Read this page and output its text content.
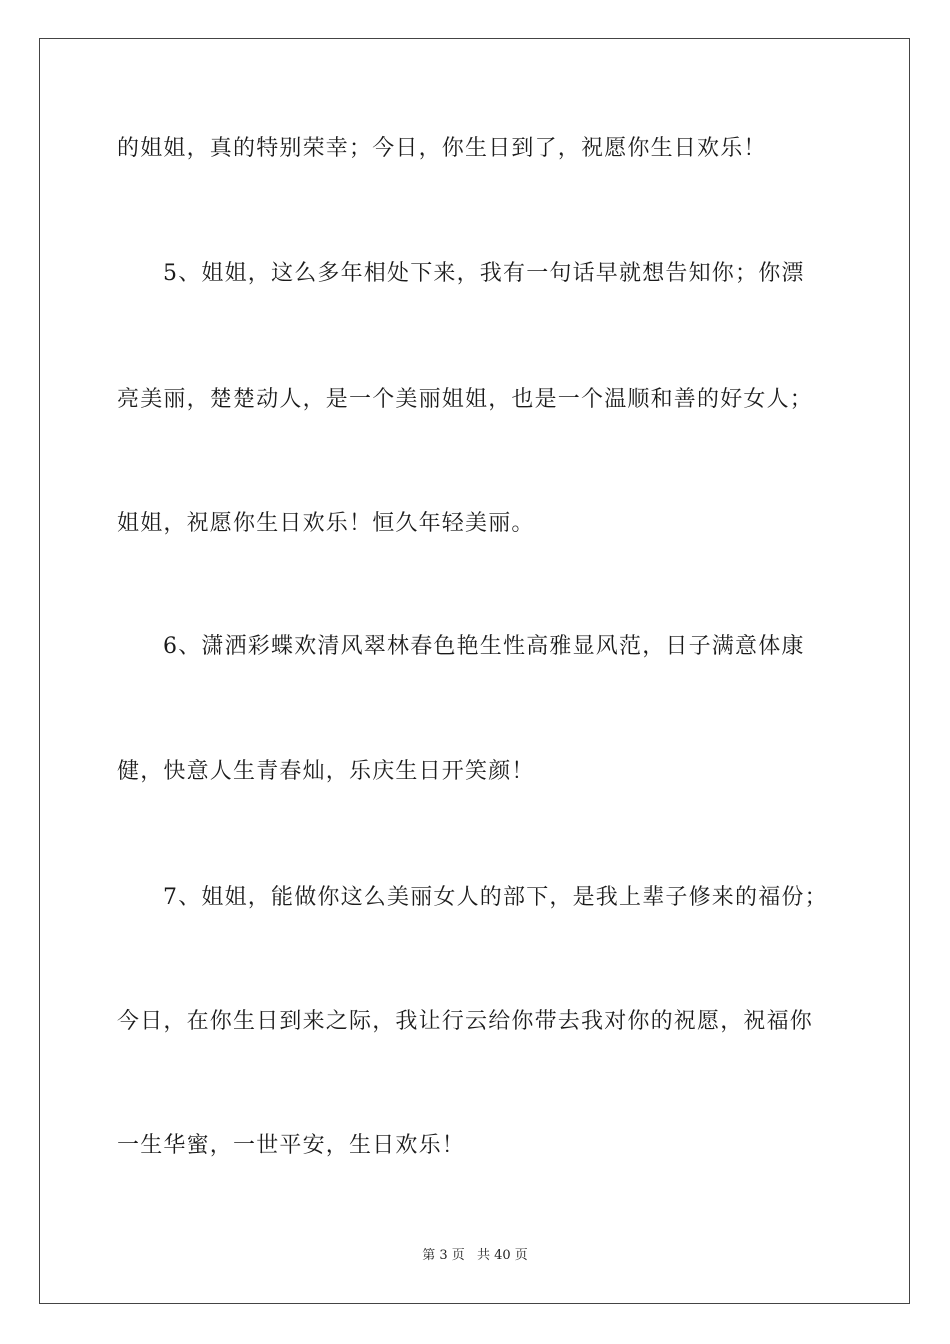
的姐姐，真的特别荣幸；今日，你生日到了，祝愿你生日欢乐！
5、姐姐，这么多年相处下来，我有一句话早就想告知你；你漂
亮美丽，楚楚动人，是一个美丽姐姐，也是一个温顺和善的好女人；
姐姐，祝愿你生日欢乐！恒久年轻美丽。
6、潇洒彩蝶欢清风翠林春色艳生性高雅显风范，日子满意体康
健，快意人生青春灿，乐庆生日开笑颜！
7、姐姐，能做你这么美丽女人的部下，是我上辈子修来的福份；
今日，在你生日到来之际，我让行云给你带去我对你的祝愿，祝福你
一生华蜜，一世平安，生日欢乐！
第 3 页 共 40 页
